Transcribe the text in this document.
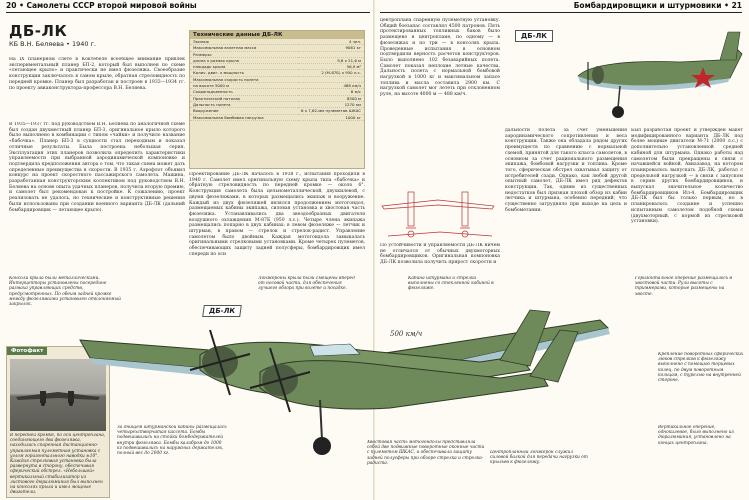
20 • Самолеты СССР второй мировой войны
ДБ-ЛК
КБ В.Н. Беляева • 1940 г.
На IX планерном слете в Коктебеле всеобщее внимание привлек экспериментальный планер БП-2, который был выполнен по схеме «летающее крыло» и практически не имел фюзеляжа. Своеобразие конструкции заключалось в самом крыле, обратная стреловидность по передней кромке. Планер был разработан и построен в 1933—1934 гг. по проекту авиаконструктора-профессора В.Н. Беляева.
В 1935—1937 гг. под руководством В.Н. Беляева по аналогичной схеме был создан двухместный планер БП-3, оригинальное крыло которого было выполнено в комбинации с типом «чайки» и получило название «бабочка». Планер БП-3 в сущности стал переходным и показал отличные результаты. Была построена небольшая серия. Эксплуатация этих планеров позволила определить характеристики управляемости при выбранной аэродинамической компоновке и подтвердила предположения автора о том, что такая схема может дать определенные преимущества в скорости. В 1935 г. Аэрофлот объявил конкурс на проект скоростного пассажирского самолета. Машина, разработанная конструкторским коллективом под руководством В.Н. Беляева на основе опыта удачных планеров, получила вторую премию, и самолет был рекомендован к постройке. К сожалению, проект реализовать не удалось, но технические и конструктивные решения были использованы при создании военного варианта ДБ-ЛК (дальний бомбардировщик — летающее крыло).
Проектирование ДБ-ЛК началось в 1938 г., испытания проходили в 1940 г. Самолет имел оригинальную схему крыла типа «бабочка» и обратную стреловидность по передней кромке — около 6°. Конструкция самолета была цельнометаллической, двухкилевой, с двумя фюзеляжами, в которых размещались экипаж и вооружение. Каждый из двух фюзеляжей являлся продолжением мотогондол, размещаемых кабины экипажа, силовая установка и хвостовая часть фюзеляжа. Устанавливались два звездообразных двигателя воздушного охлаждения М-87Б (950 л.с.). Четыре члена экипажа размещались попарно в двух кабинах: в левом фюзеляже — летчик и штурман, в правом — стрелок и стрелок-радист. Управление самолетом было двойным. Каждая мотогондола замыкалась оригинальными стрелковыми установками. Кроме четырех пулеметов, обеспечивающих защиту задней полусферы, бомбардировщик имел спереди по оси
Технические данные ДБ-ЛК
Экипаж	4 чел.
Максимальная взлетная масса	9061 кг
Размеры:	
длина x размах крыла	9,8 x 21,6 м
площадь крыла	56,9 м²
Колич. двиг. x мощность	2 (М-87Б) x 950 л.с.
Максимальная скорость полета	
на высоте 5000 м	488 км/ч
Скороподъемность	6 м/с
Практический потолок	8500 м
Дальность полета	1270 км
Вооружение	6 x 7,62-мм пулеметов ШКАС
Максимальная бомбовая нагрузка	1000 кг
Консоли крыла были металлическими. Интерцепторы установлены посередине размаха управляющих средств, предусмотренных. По обеим задней кромке между фюзеляжами установлен отклоняемый закрылок.
Лонжероны крыла были смещены вперед от носовой части, для обеспечения лучшего обзора при взлете и посадке.
Фотофакт
В передней кромке, по оси центроплана, соединяющего два фюзеляжа, находилась спаренная дистанционно-управляемая пулеметная установка с углом горизонтального наводки ±10°. Каждая стрелковая установка была развернута в сторону, обеспечивая сферический обстрел. «Небольшой» вертикальный стабилизатор из листового дюралюминия был выполнен на консолях крыла и имел мощные двигатели.
ДБ-ЛК
За днищем штурманской кабины размещалась четырехстворчатая кассета. Бомбы подвешивались на стойки бомбодержателей внутри фюзеляжа. Бомбы калибром до 1000 кг подвешивались на наружных держателях, полный вес до 2000 кг.
Бомбардировщики и штурмовики • 21
центроплана спаренную пулеметную установку. Общий боезапас составлял 4500 патронов. Пять протектированных топливных баков было размещено в центроплане, по одному — в фюзеляжах и по три — в консолях крыла. Проведенные испытания в основном подтвердили верность расчетов конструкторов. Было выполнено 102 безаварийных полета. Самолет показал неплохие летные качества. Дальность полета с нормальной бомбовой нагрузкой в 1000 кг и максимальном запасе топлива и масла составила 2900 км. С нагрузкой самолет мог лететь при отклоненном руле, на высоте 4000 м — 488 км/ч.
ДБ-ЛК
По устойчивости и управляемости ДБ-ЛК ничем не отличался от обычных двухмоторных бомбардировщиков. Оригинальная компоновка ДБ-ЛК позволила получить прирост скорости и
дальности полета за счет уменьшения аэродинамического сопротивления и веса конструкции. Также она обладала рядом других преимуществ по сравнению с нормальной схемой, принятой для такого класса самолетов, в основном за счет рационального размещения экипажа, бомбовой нагрузки и топлива. Кроме того, сферическая обстрел охватывал защиту от истребителей сзади. Однако, как любой другой опытный самолет, ДБ-ЛК имел ряд дефектов конструкции. Так, одним из существенных недостатков был признан плохой обзор из кабин летчика и штурмана, особенно передний, что существенно затрудняло при выходе на цель и бомбометании.
Был разработан проект и утвержден макет модифицированного варианта ДБ-ЛК под более мощные двигатели М-71 (2000 л.с.) с дополнительно установленной средней кабиной для штурмана. Однако работы над самолетом были прекращены в связи с начавшейся войной. Авиазавод, на котором планировалось выпускать ДБ-ЛК, работал с предельной нагрузкой — в связи с запуском в серию других бомбардировщиков, и выпускал значительное количество бомбардировщиков Ил-4. Бомбардировщик ДБ-ЛК был бы только первым, но в планировалось создание и успешно испытанным самолетом подобной схемы (двухмоторный, с кормой из стрелковой установки).
Кабина штурмана и стрелка выполнены со стеклянной кабиной в фюзеляже.
Горизонтальное оперение размещалось в хвостовой части. Рули высоты с триммерами, которые размещены на хвосте.
Крепление поворотных сферических люков стрелков к фюзеляжу выполнено с помощью торцевых колец, по двум поворотным кольцам, с турелью на внутренней стороне.
Вертикальное оперение, однокилевое, было выполнено из дюралюминия, установлено на концах центроплана.
Хвостовая часть мотогондолы представляла собой две подвижные поворотные оконные части с пулеметом ШКАС, и обеспечивала защиту задней полусферы при обзоре стрелка и стрелка-радиста.
Центропланный лонжерон служил силовой балкой для передачи нагрузки от крыльев к фюзеляжу.
500 км/ч
